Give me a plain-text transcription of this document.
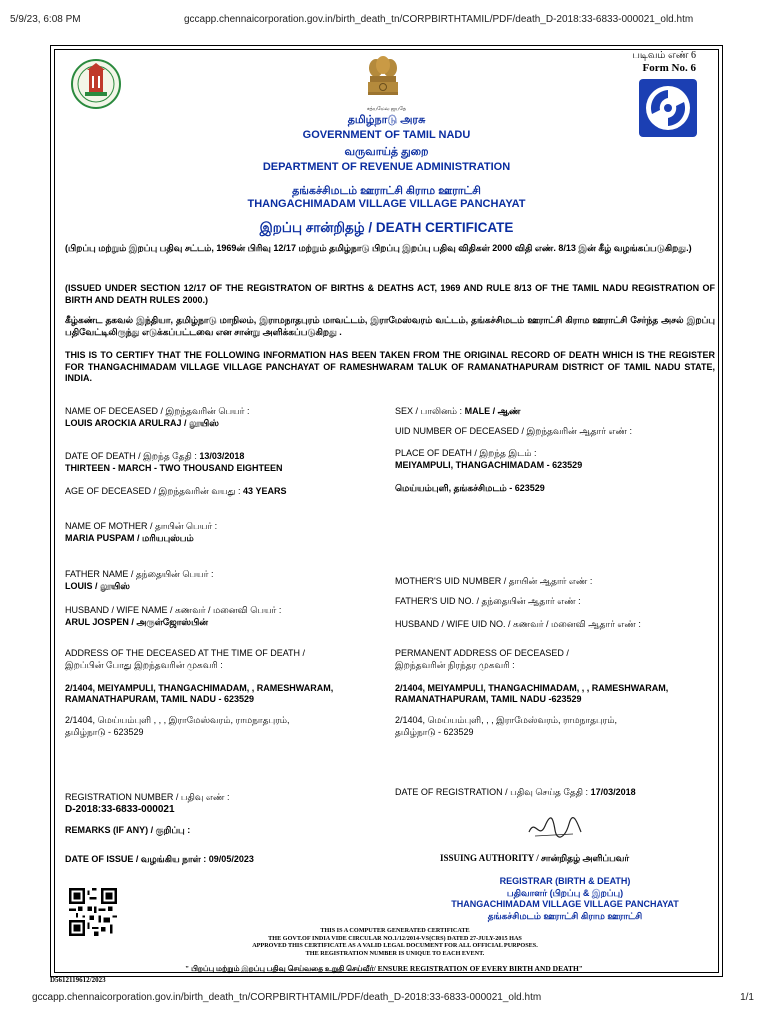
5/9/23, 6:08 PM	gccapp.chennaicorporation.gov.in/birth_death_tn/CORPBIRTHTAMIL/PDF/death_D-2018:33-6833-000021_old.htm
சத்யமேவ ஜயதே
படிவம் எண் 6
Form No. 6
தமிழ்நாடு அரசு
GOVERNMENT OF TAMIL NADU
வருவாய்த் துறை
DEPARTMENT OF REVENUE ADMINISTRATION
தங்கச்சிமடம் ஊராட்சி கிராம ஊராட்சி
THANGACHIMADAM VILLAGE VILLAGE PANCHAYAT
இறப்பு சான்றிதழ் / DEATH CERTIFICATE
(பிறப்பு மற்றும் இறப்பு பதிவு சட்டம், 1969ன் பிரிவு 12/17 மற்றும் தமிழ்நாடு பிறப்பு இறப்பு பதிவு விதிகள் 2000 விதி எண். 8/13 இன் கீழ் வழங்கப்படுகிறது.)
(ISSUED UNDER SECTION 12/17 OF THE REGISTRATON OF BIRTHS & DEATHS ACT, 1969 AND RULE 8/13 OF THE TAMIL NADU REGISTRATION OF BIRTH AND DEATH RULES 2000.)
கீழ்கண்ட தகவல் இந்தியா, தமிழ்நாடு மாநிலம், இராமநாதபுரம் மாவட்டம், இராமேஸ்வரம் வட்டம், தங்கச்சிமடம் ஊராட்சி கிராம ஊராட்சி சேர்ந்த அசல் இறப்பு பதிவேட்டிலிருந்து எடுக்கப்பட்டவை என சான்று அளிக்கப்படுகிறது .
THIS IS TO CERTIFY THAT THE FOLLOWING INFORMATION HAS BEEN TAKEN FROM THE ORIGINAL RECORD OF DEATH WHICH IS THE REGISTER FOR THANGACHIMADAM VILLAGE VILLAGE PANCHAYAT OF RAMESHWARAM TALUK OF RAMANATHAPURAM DISTRICT OF TAMIL NADU STATE, INDIA.
NAME OF DECEASED / இறந்தவரின் பெயர் :
LOUIS AROCKIA ARULRAJ / லூயிஸ்
DATE OF DEATH / இறந்த தேதி : 13/03/2018
THIRTEEN - MARCH - TWO THOUSAND EIGHTEEN
AGE OF DECEASED / இறந்தவரின் வயது : 43 YEARS
NAME OF MOTHER / தாயின் பெயர் :
MARIA PUSPAM / மரியபுஸ்பம்
FATHER NAME / தந்தையின் பெயர் :
LOUIS / லூயிஸ்
HUSBAND / WIFE NAME / கணவர் / மனைவி பெயர் :
ARUL JOSPEN / அருள்ஜோஸ்பின்
ADDRESS OF THE DECEASED AT THE TIME OF DEATH /
இறப்பின் போது இறந்தவரின் முகவரி :
2/1404, MEIYAMPULI, THANGACHIMADAM, , RAMESHWARAM,
RAMANATHAPURAM, TAMIL NADU - 623529
2/1404, மெய்யம்புளி , , , இராமேஸ்வரம், ராமநாதபுரம்,
தமிழ்நாடு - 623529
REGISTRATION NUMBER / பதிவு எண் :
D-2018:33-6833-000021
REMARKS (IF ANY) / குறிப்பு :
DATE OF ISSUE / வழங்கிய நாள் : 09/05/2023
SEX / பாலினம் : MALE / ஆண்
UID NUMBER OF DECEASED / இறந்தவரின் ஆதார் எண் :
PLACE OF DEATH / இறந்த இடம் :
MEIYAMPULI, THANGACHIMADAM - 623529
மெய்யம்புளி, தங்கச்சிமடம் - 623529
MOTHER'S UID NUMBER / தாயின் ஆதார் எண் :
FATHER'S UID NO. / தந்தையின் ஆதார் எண் :
HUSBAND / WIFE UID NO. / கணவர் / மனைவி ஆதார் எண் :
PERMANENT ADDRESS OF DECEASED /
இறந்தவரின் நிரந்தர முகவரி :
2/1404, MEIYAMPULI, THANGACHIMADAM, , , RAMESHWARAM,
RAMANATHAPURAM, TAMIL NADU -623529
2/1404, மெய்யம்புளி, , , இராமேஸ்வரம், ராமநாதபுரம்,
தமிழ்நாடு - 623529
DATE OF REGISTRATION / பதிவு செய்த தேதி : 17/03/2018
ISSUING AUTHORITY / சான்றிதழ் அளிப்பவர்
REGISTRAR (BIRTH & DEATH)
பதிவாளர் (பிறப்பு & இறப்பு)
THANGACHIMADAM VILLAGE VILLAGE PANCHAYAT
தங்கச்சிமடம் ஊராட்சி கிராம ஊராட்சி
THIS IS A COMPUTER GENERATED CERTIFICATE
THE GOVT.OF INDIA VIDE CIRCULAR NO.1/12/2014-VS(CRS) DATED 27-JULY-2015 HAS
APPROVED THIS CERTIFICATE AS A VALID LEGAL DOCUMENT FOR ALL OFFICIAL PURPOSES.
THE REGISTRATION NUMBER IS UNIQUE TO EACH EVENT.
" பிறப்பு மற்றும் இறப்பு பதிவு செய்வதை உறுதி செய்வீர்/ ENSURE REGISTRATION OF EVERY BIRTH AND DEATH"
D5612119612/2023
gccapp.chennaicorporation.gov.in/birth_death_tn/CORPBIRTHTAMIL/PDF/death_D-2018:33-6833-000021_old.htm	1/1
